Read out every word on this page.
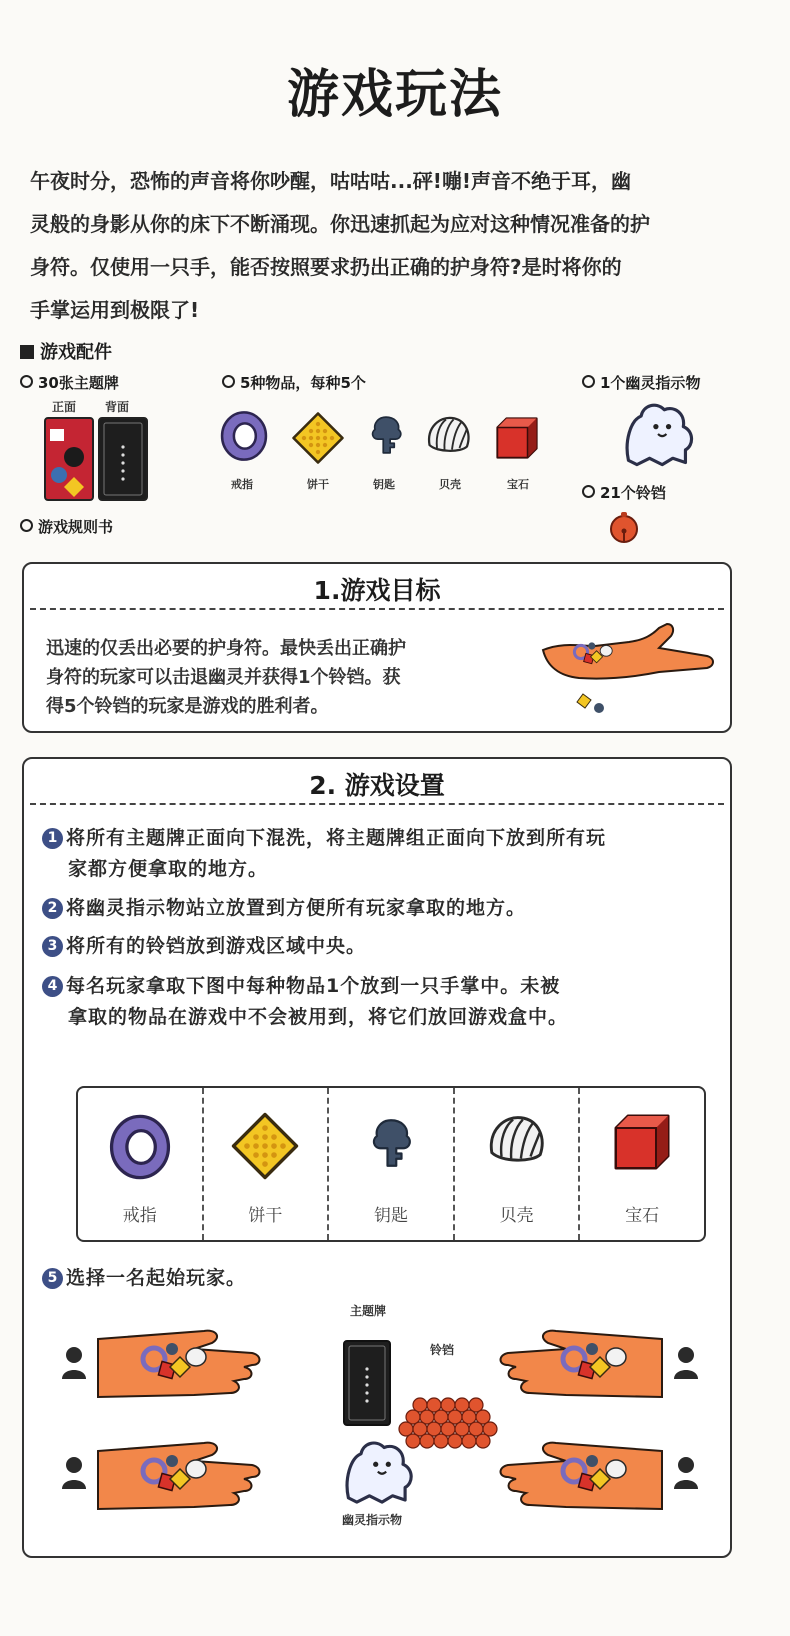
游戏玩法
午夜时分，恐怖的声音将你吵醒，咕咕咕...砰!嘣!声音不绝于耳，幽
灵般的身影从你的床下不断涌现。你迅速抓起为应对这种情况准备的护
身符。仅使用一只手，能否按照要求扔出正确的护身符?是时将你的
手掌运用到极限了!
游戏配件
30张主题牌
正面 背面
游戏规则书
5种物品，每种5个
戒指	饼干	钥匙	贝壳	宝石
1个幽灵指示物
21个铃铛
1.游戏目标
迅速的仅丢出必要的护身符。最快丢出正确护
身符的玩家可以击退幽灵并获得1个铃铛。获
得5个铃铛的玩家是游戏的胜利者。
2. 游戏设置
1 将所有主题牌正面向下混洗，将主题牌组正面向下放到所有玩
家都方便拿取的地方。
2 将幽灵指示物站立放置到方便所有玩家拿取的地方。
3 将所有的铃铛放到游戏区域中央。
4 每名玩家拿取下图中每种物品1个放到一只手掌中。未被
拿取的物品在游戏中不会被用到，将它们放回游戏盒中。
戒指	饼干	钥匙	贝壳	宝石
5 选择一名起始玩家。
主题牌
铃铛
幽灵指示物
